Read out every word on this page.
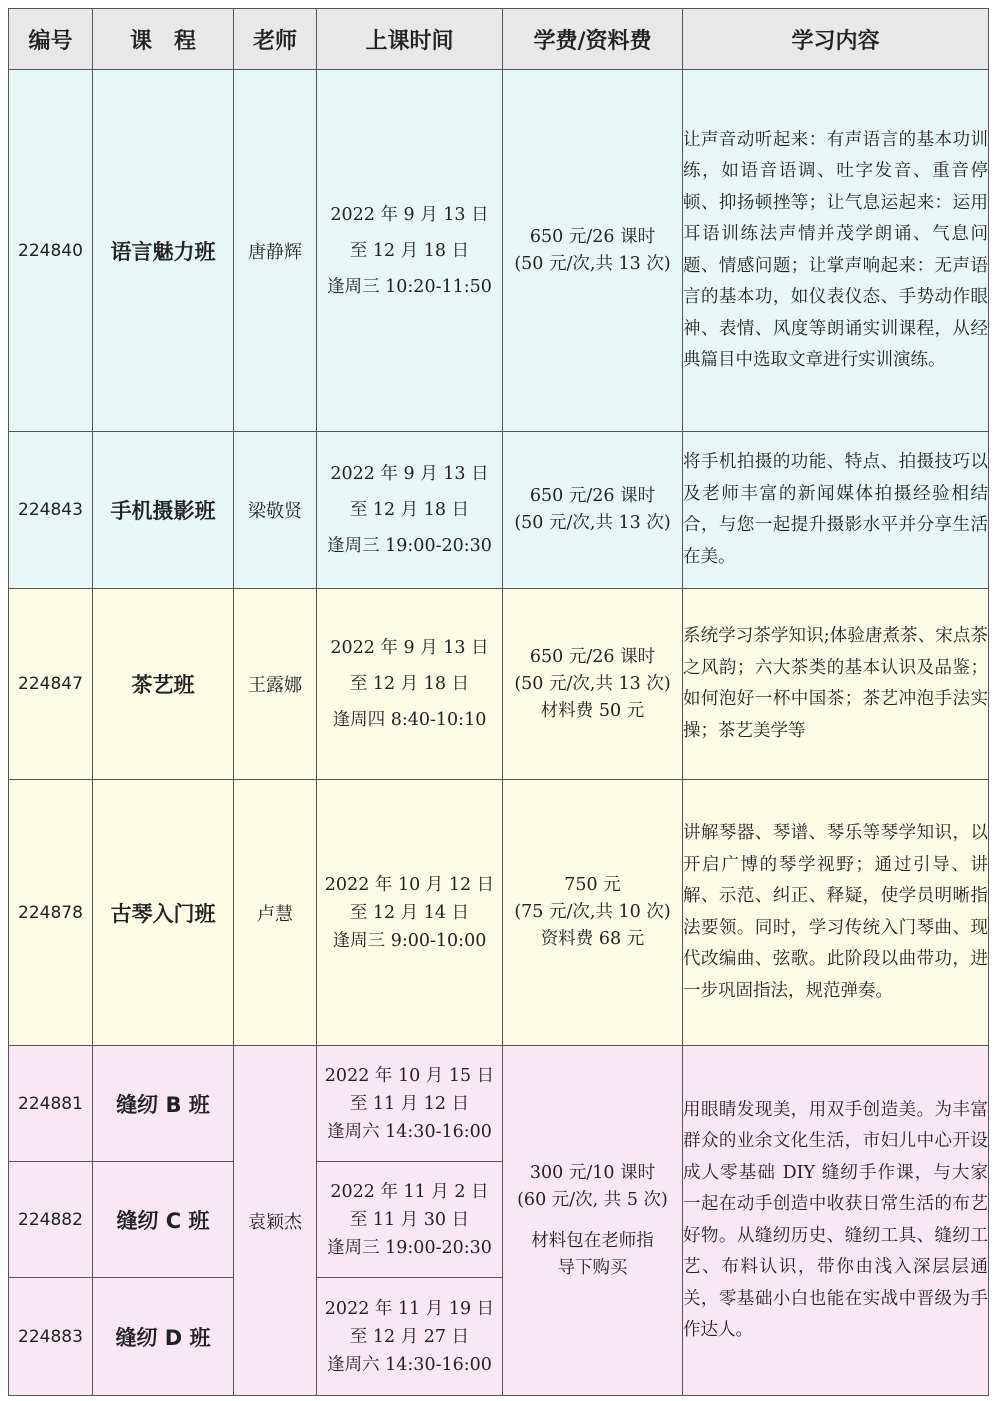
编号	课　程	老师	上课时间	学费/资料费	学习内容
224840	语言魅力班	唐静辉	2022 年 9 月 13 日
至 12 月 18 日
逢周三 10:20-11:50	650 元/26 课时
(50 元/次,共 13 次)	让声音动听起来：有声语言的基本功训练，如语音语调、吐字发音、重音停顿、抑扬顿挫等；让气息运起来：运用耳语训练法声情并茂学朗诵、气息问题、情感问题；让掌声响起来：无声语言的基本功，如仪表仪态、手势动作眼神、表情、风度等朗诵实训课程，从经典篇目中选取文章进行实训演练。
224843	手机摄影班	梁敬贤	2022 年 9 月 13 日
至 12 月 18 日
逢周三 19:00-20:30	650 元/26 课时
(50 元/次,共 13 次)	将手机拍摄的功能、特点、拍摄技巧以及老师丰富的新闻媒体拍摄经验相结合，与您一起提升摄影水平并分享生活在美。
224847	茶艺班	王露娜	2022 年 9 月 13 日
至 12 月 18 日
逢周四 8:40-10:10	650 元/26 课时
(50 元/次,共 13 次)
材料费 50 元	系统学习茶学知识;体验唐煮茶、宋点茶之风韵；六大茶类的基本认识及品鉴；如何泡好一杯中国茶；茶艺冲泡手法实操；茶艺美学等
224878	古琴入门班	卢慧	2022 年 10 月 12 日
至 12 月 14 日
逢周三 9:00-10:00	750 元
(75 元/次,共 10 次)
资料费 68 元	讲解琴器、琴谱、琴乐等琴学知识，以开启广博的琴学视野；通过引导、讲解、示范、纠正、释疑，使学员明晰指法要领。同时，学习传统入门琴曲、现代改编曲、弦歌。此阶段以曲带功，进一步巩固指法，规范弹奏。
224881	缝纫 B 班	袁颖杰	2022 年 10 月 15 日
至 11 月 12 日
逢周六 14:30-16:00	300 元/10 课时
(60 元/次, 共 5 次)
材料包在老师指
导下购买	用眼睛发现美，用双手创造美。为丰富群众的业余文化生活，市妇儿中心开设成人零基础 DIY 缝纫手作课，与大家一起在动手创造中收获日常生活的布艺好物。从缝纫历史、缝纫工具、缝纫工艺、布料认识，带你由浅入深层层通关，零基础小白也能在实战中晋级为手作达人。
224882	缝纫 C 班		2022 年 11 月 2 日
至 11 月 30 日
逢周三 19:00-20:30		

224883	缝纫 D 班		2022 年 11 月 19 日
至 12 月 27 日
逢周六 14:30-16:00		
